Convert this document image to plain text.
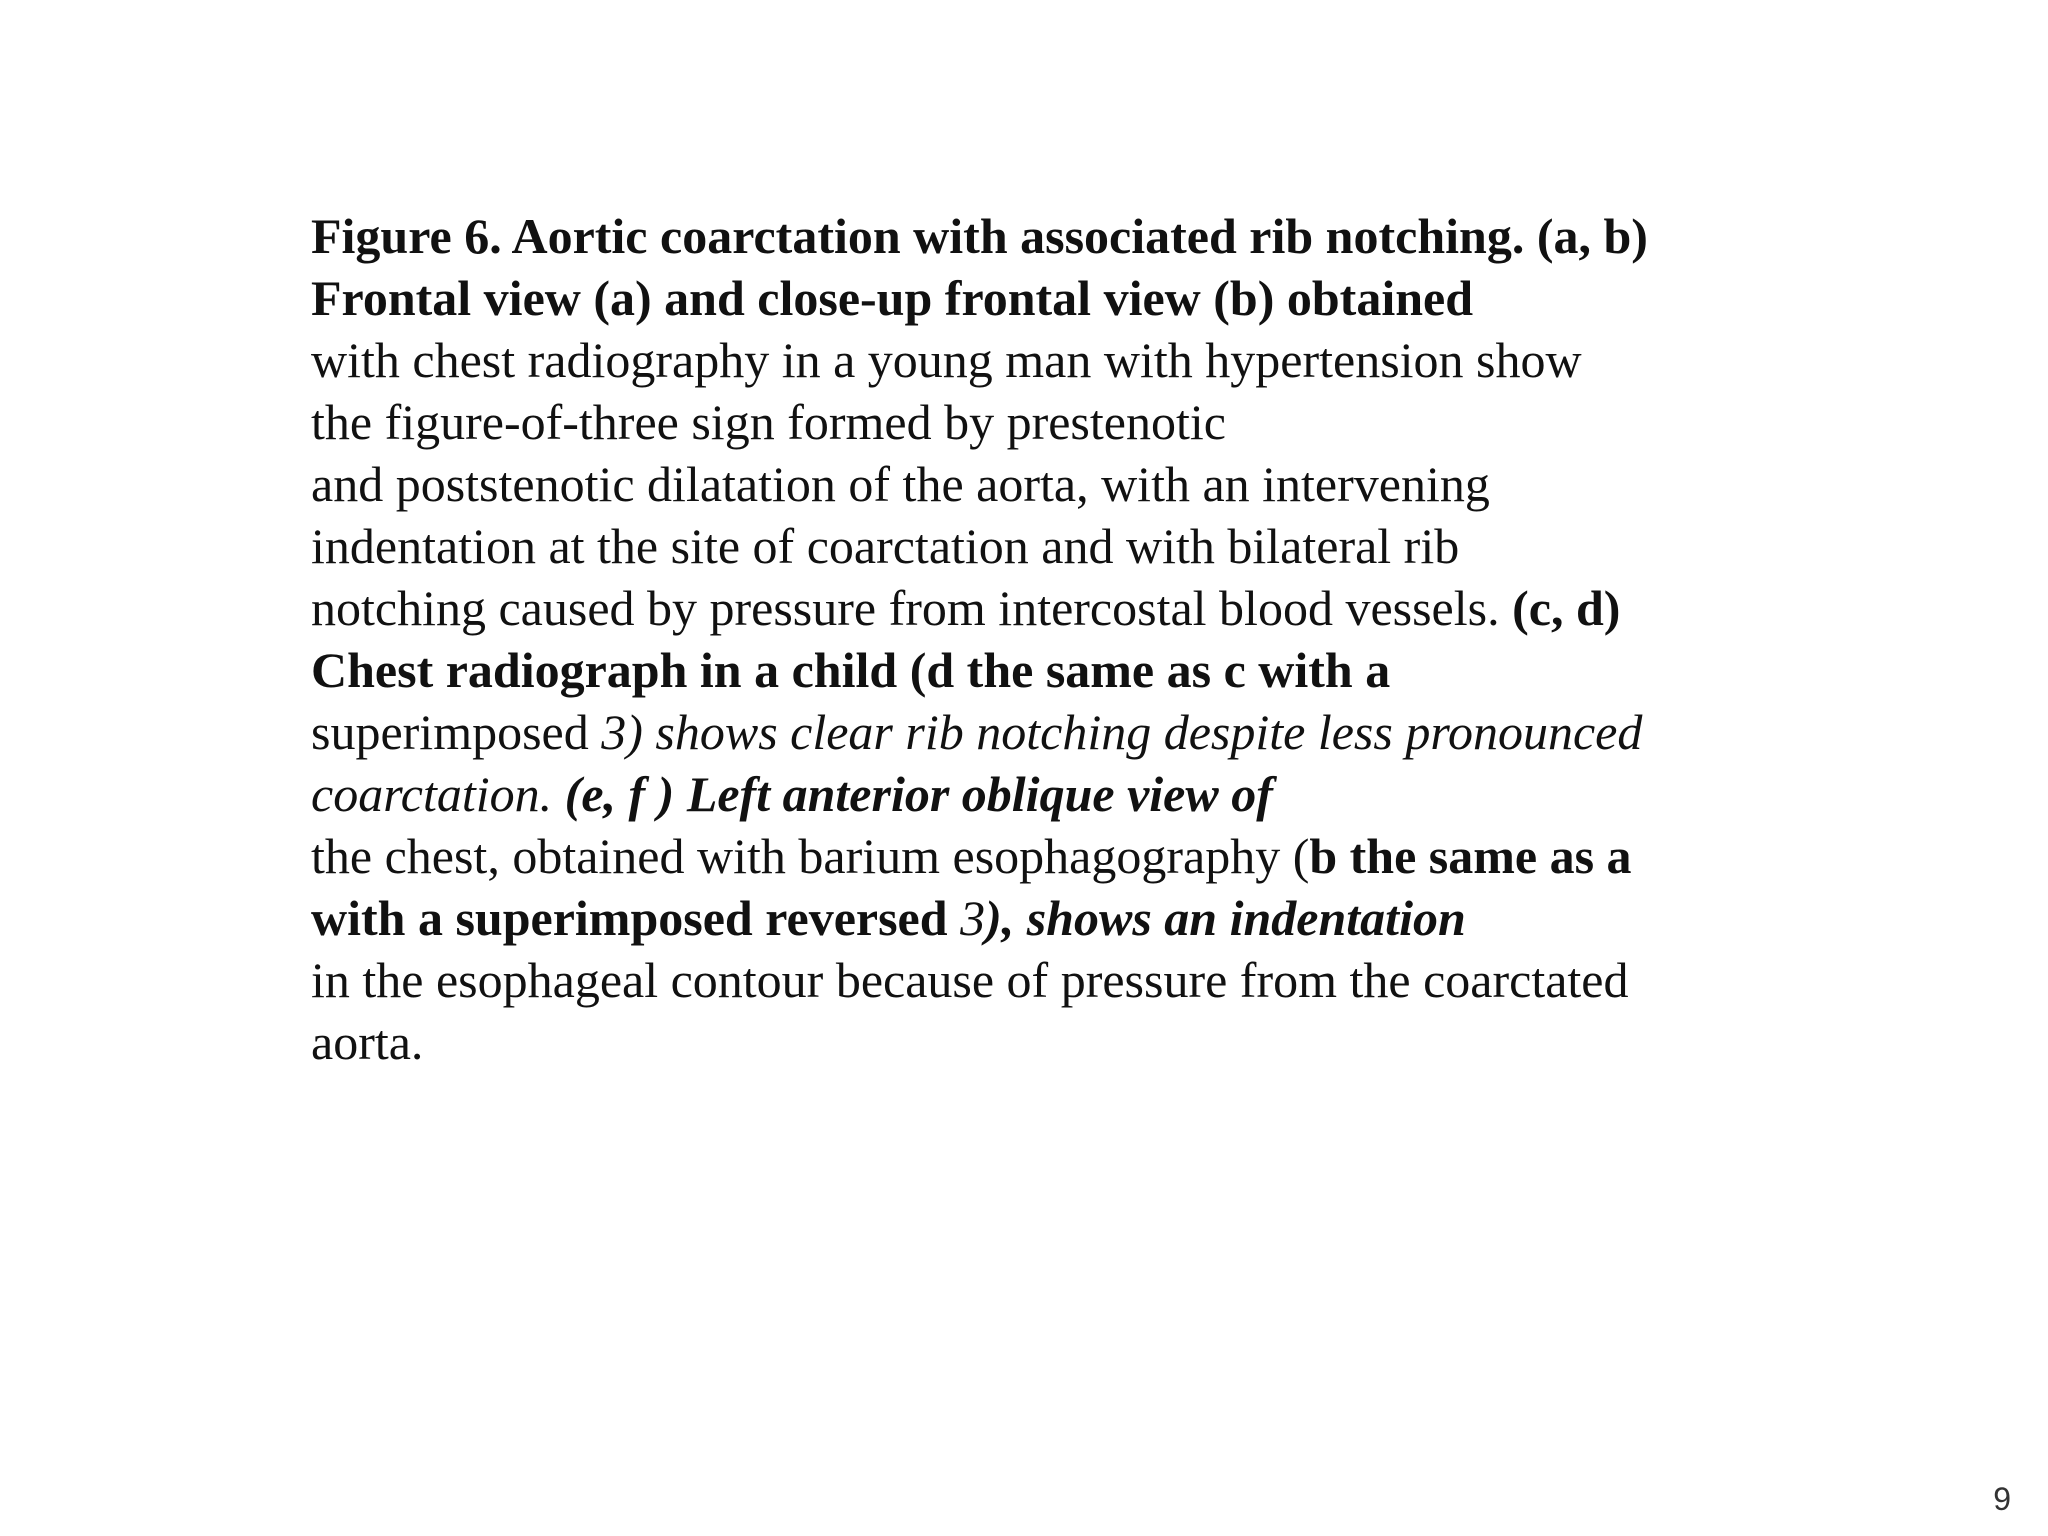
Figure 6. Aortic coarctation with associated rib notching. (a, b)
Frontal view (a) and close-up frontal view (b) obtained
with chest radiography in a young man with hypertension show
the figure-of-three sign formed by prestenotic
and poststenotic dilatation of the aorta, with an intervening
indentation at the site of coarctation and with bilateral rib
notching caused by pressure from intercostal blood vessels. (c, d)
Chest radiograph in a child (d the same as c with a
superimposed 3) shows clear rib notching despite less pronounced
coarctation. (e, f ) Left anterior oblique view of
the chest, obtained with barium esophagography (b the same as a
with a superimposed reversed 3), shows an indentation
in the esophageal contour because of pressure from the coarctated
aorta.
9
